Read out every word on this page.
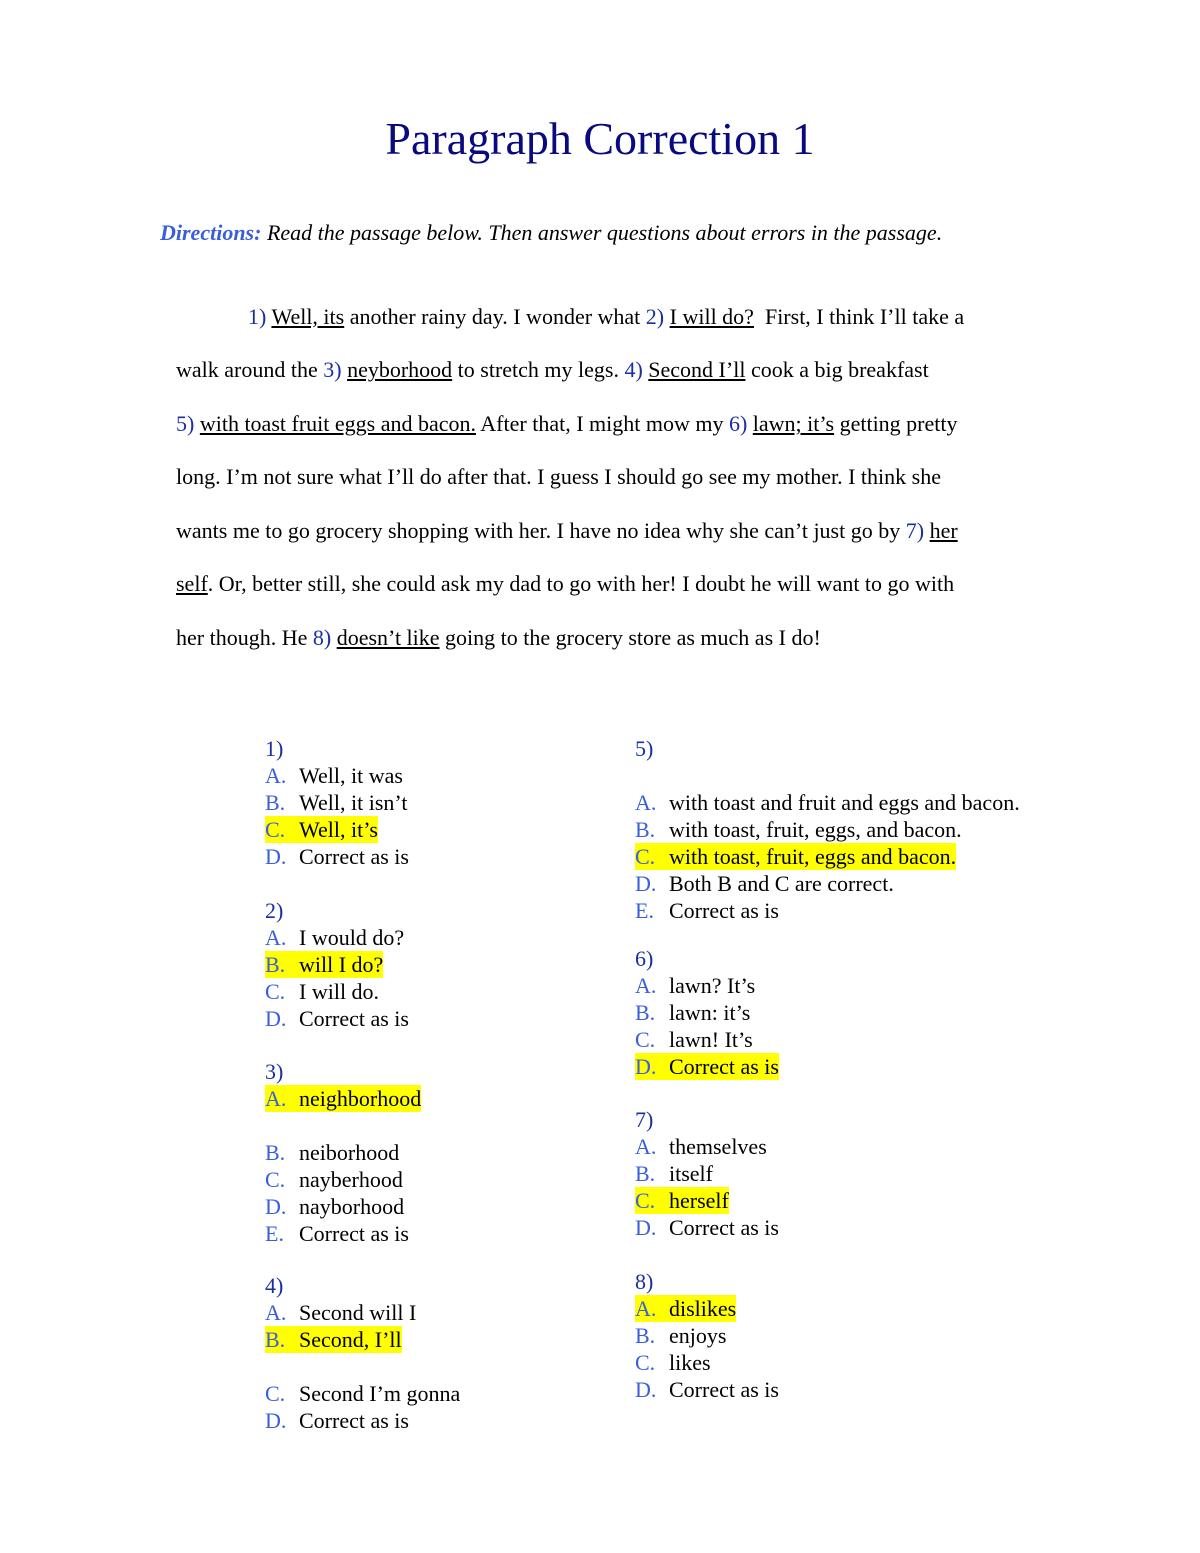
Paragraph Correction 1
Directions: Read the passage below. Then answer questions about errors in the passage.
1) Well, its another rainy day. I wonder what 2) I will do?  First, I think I’ll take a
walk around the 3) neyborhood to stretch my legs. 4) Second I’ll cook a big breakfast
5) with toast fruit eggs and bacon. After that, I might mow my 6) lawn; it’s getting pretty
long. I’m not sure what I’ll do after that. I guess I should go see my mother. I think she
wants me to go grocery shopping with her. I have no idea why she can’t just go by 7) her
self. Or, better still, she could ask my dad to go with her! I doubt he will want to go with
her though. He 8) doesn’t like going to the grocery store as much as I do!
1)
A. Well, it was
B. Well, it isn’t
C. Well, it’s
D. Correct as is
2)
A. I would do?
B. will I do?
C. I will do.
D. Correct as is
3)
A. neighborhood
B. neiborhood
C. nayberhood
D. nayborhood
E. Correct as is
4)
A. Second will I
B. Second, I’ll
C. Second I’m gonna
D. Correct as is
5)
A. with toast and fruit and eggs and bacon.
B. with toast, fruit, eggs, and bacon.
C. with toast, fruit, eggs and bacon.
D. Both B and C are correct.
E. Correct as is
6)
A. lawn? It’s
B. lawn: it’s
C. lawn! It’s
D. Correct as is
7)
A. themselves
B. itself
C. herself
D. Correct as is
8)
A. dislikes
B. enjoys
C. likes
D. Correct as is
